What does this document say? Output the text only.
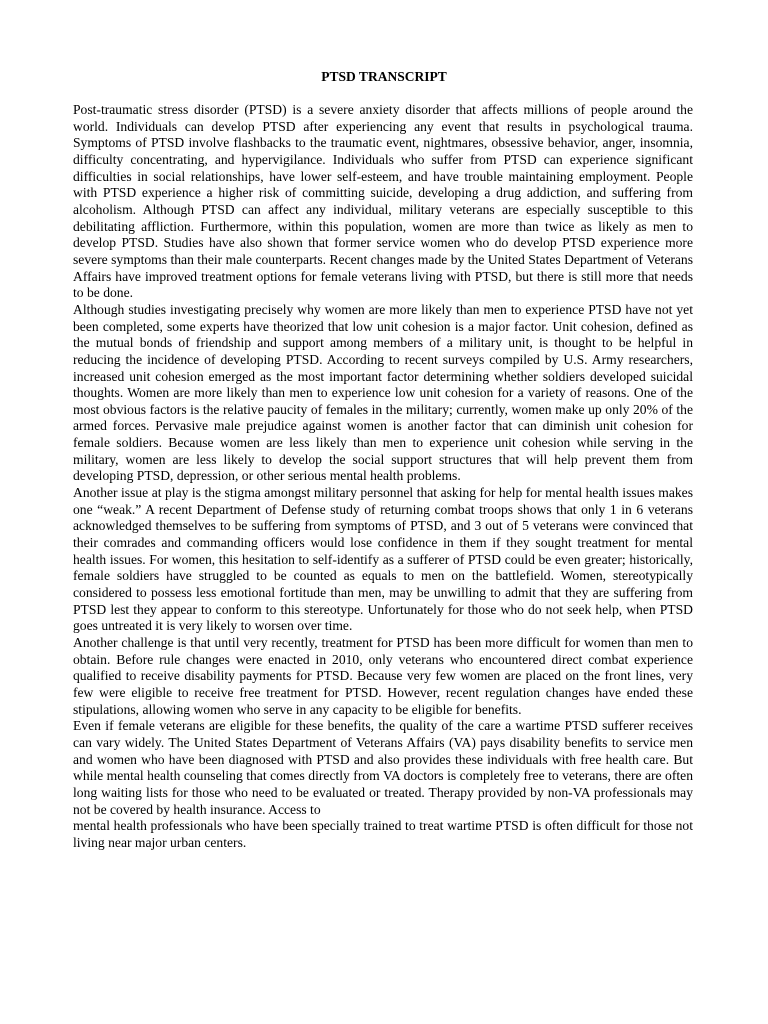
PTSD TRANSCRIPT

Post-traumatic stress disorder (PTSD) is a severe anxiety disorder that affects millions of people around the world. Individuals can develop PTSD after experiencing any event that results in psychological trauma. Symptoms of PTSD involve flashbacks to the traumatic event, nightmares, obsessive behavior, anger, insomnia, difficulty concentrating, and hypervigilance. Individuals who suffer from PTSD can experience significant difficulties in social relationships, have lower self-esteem, and have trouble maintaining employment. People with PTSD experience a higher risk of committing suicide, developing a drug addiction, and suffering from alcoholism. Although PTSD can affect any individual, military veterans are especially susceptible to this debilitating affliction. Furthermore, within this population, women are more than twice as likely as men to develop PTSD. Studies have also shown that former service women who do develop PTSD experience more severe symptoms than their male counterparts. Recent changes made by the United States Department of Veterans Affairs have improved treatment options for female veterans living with PTSD, but there is still more that needs to be done.

Although studies investigating precisely why women are more likely than men to experience PTSD have not yet been completed, some experts have theorized that low unit cohesion is a major factor. Unit cohesion, defined as the mutual bonds of friendship and support among members of a military unit, is thought to be helpful in reducing the incidence of developing PTSD. According to recent surveys compiled by U.S. Army researchers, increased unit cohesion emerged as the most important factor determining whether soldiers developed suicidal thoughts. Women are more likely than men to experience low unit cohesion for a variety of reasons. One of the most obvious factors is the relative paucity of females in the military; currently, women make up only 20% of the armed forces. Pervasive male prejudice against women is another factor that can diminish unit cohesion for female soldiers. Because women are less likely than men to experience unit cohesion while serving in the military, women are less likely to develop the social support structures that will help prevent them from developing PTSD, depression, or other serious mental health problems.

Another issue at play is the stigma amongst military personnel that asking for help for mental health issues makes one “weak.” A recent Department of Defense study of returning combat troops shows that only 1 in 6 veterans acknowledged themselves to be suffering from symptoms of PTSD, and 3 out of 5 veterans were convinced that their comrades and commanding officers would lose confidence in them if they sought treatment for mental health issues. For women, this hesitation to self-identify as a sufferer of PTSD could be even greater; historically, female soldiers have struggled to be counted as equals to men on the battlefield. Women, stereotypically considered to possess less emotional fortitude than men, may be unwilling to admit that they are suffering from PTSD lest they appear to conform to this stereotype. Unfortunately for those who do not seek help, when PTSD goes untreated it is very likely to worsen over time.

Another challenge is that until very recently, treatment for PTSD has been more difficult for women than men to obtain. Before rule changes were enacted in 2010, only veterans who encountered direct combat experience qualified to receive disability payments for PTSD. Because very few women are placed on the front lines, very few were eligible to receive free treatment for PTSD. However, recent regulation changes have ended these stipulations, allowing women who serve in any capacity to be eligible for benefits.

Even if female veterans are eligible for these benefits, the quality of the care a wartime PTSD sufferer receives can vary widely. The United States Department of Veterans Affairs (VA) pays disability benefits to service men and women who have been diagnosed with PTSD and also provides these individuals with free health care. But while mental health counseling that comes directly from VA doctors is completely free to veterans, there are often long waiting lists for those who need to be evaluated or treated. Therapy provided by non-VA professionals may not be covered by health insurance. Access to

mental health professionals who have been specially trained to treat wartime PTSD is often difficult for those not living near major urban centers.
